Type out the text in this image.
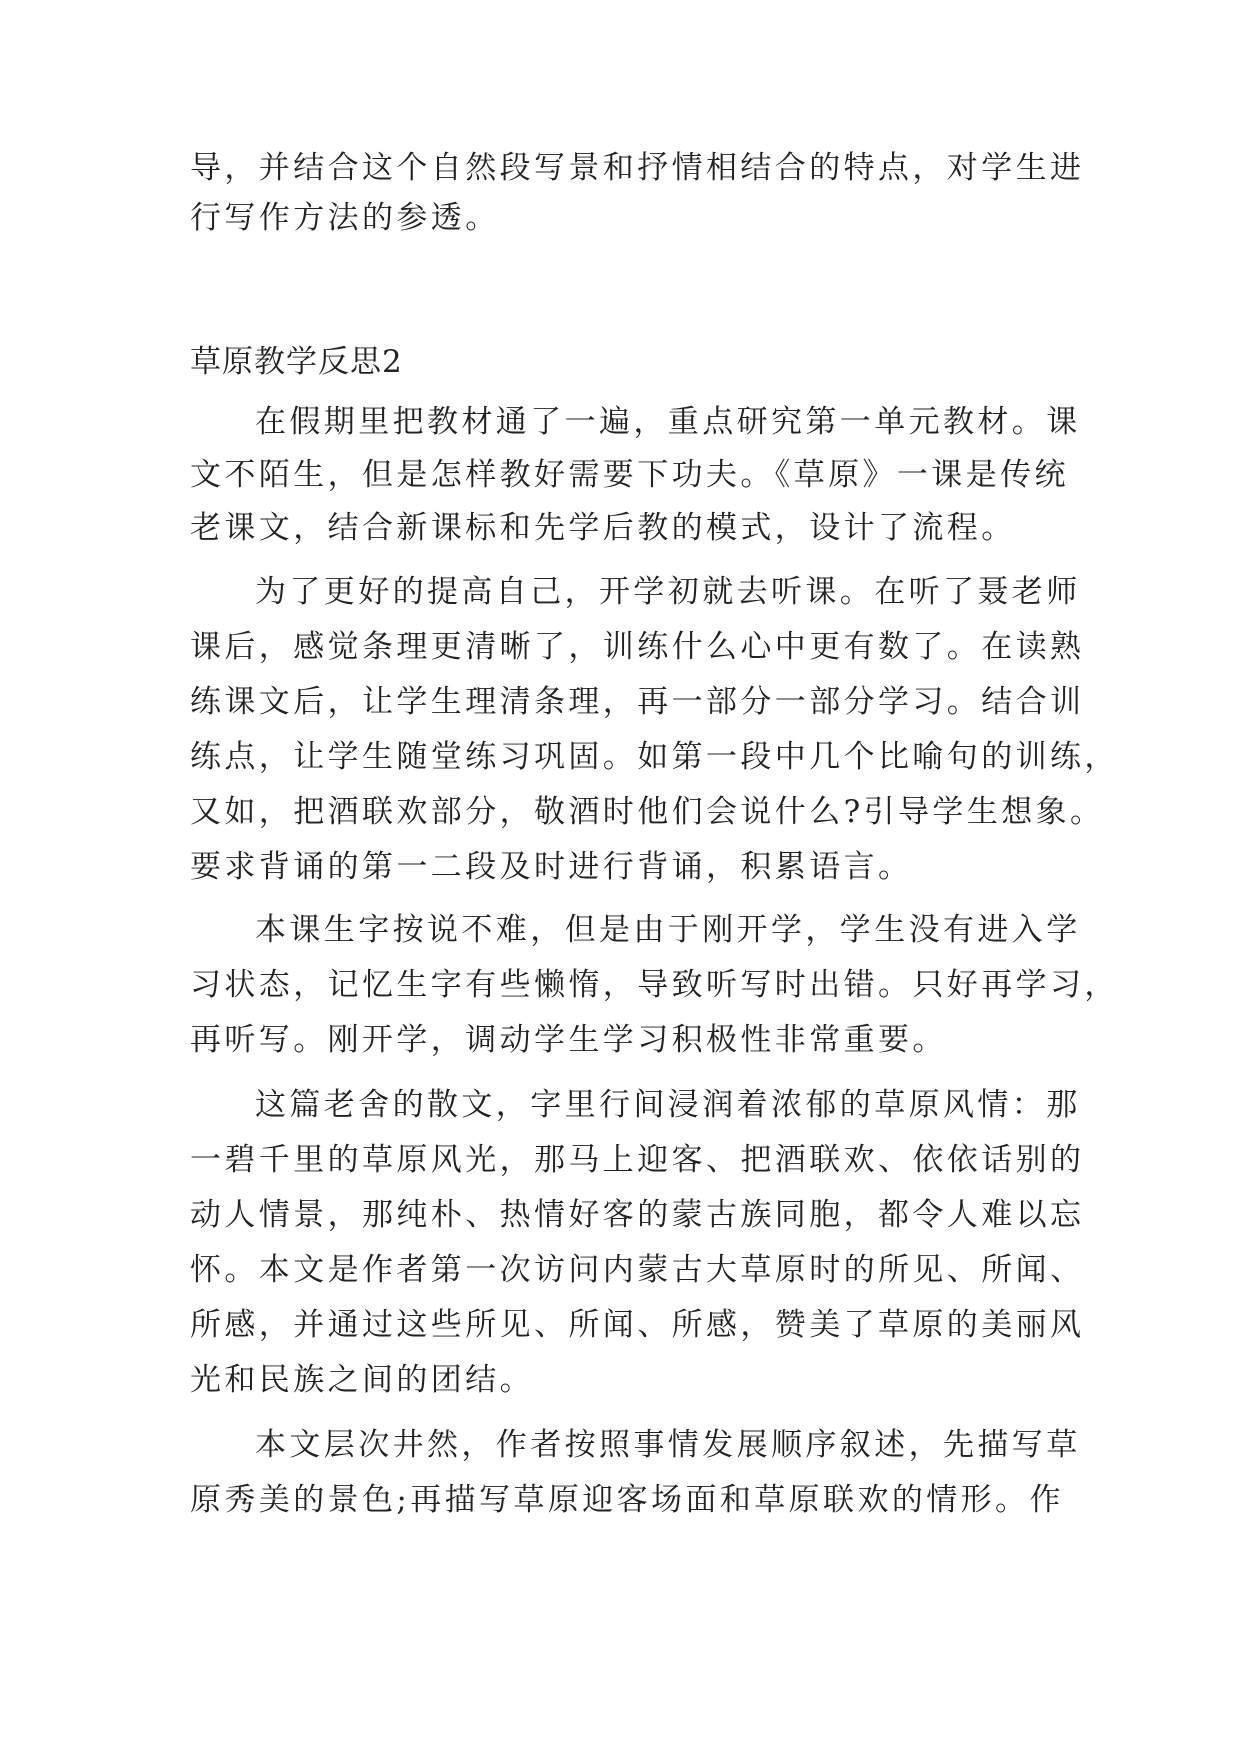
导，并结合这个自然段写景和抒情相结合的特点，对学生进
行写作方法的参透。
草原教学反思2
在假期里把教材通了一遍，重点研究第一单元教材。课
文不陌生，但是怎样教好需要下功夫。《草原》一课是传统
老课文，结合新课标和先学后教的模式，设计了流程。
为了更好的提高自己，开学初就去听课。在听了聂老师
课后，感觉条理更清晰了，训练什么心中更有数了。在读熟
练课文后，让学生理清条理，再一部分一部分学习。结合训
练点，让学生随堂练习巩固。如第一段中几个比喻句的训练，
又如，把酒联欢部分，敬酒时他们会说什么?引导学生想象。
要求背诵的第一二段及时进行背诵，积累语言。
本课生字按说不难，但是由于刚开学，学生没有进入学
习状态，记忆生字有些懒惰，导致听写时出错。只好再学习，
再听写。刚开学，调动学生学习积极性非常重要。
这篇老舍的散文，字里行间浸润着浓郁的草原风情：那
一碧千里的草原风光，那马上迎客、把酒联欢、依依话别的
动人情景，那纯朴、热情好客的蒙古族同胞，都令人难以忘
怀。本文是作者第一次访问内蒙古大草原时的所见、所闻、
所感，并通过这些所见、所闻、所感，赞美了草原的美丽风
光和民族之间的团结。
本文层次井然，作者按照事情发展顺序叙述，先描写草
原秀美的景色;再描写草原迎客场面和草原联欢的情形。作
